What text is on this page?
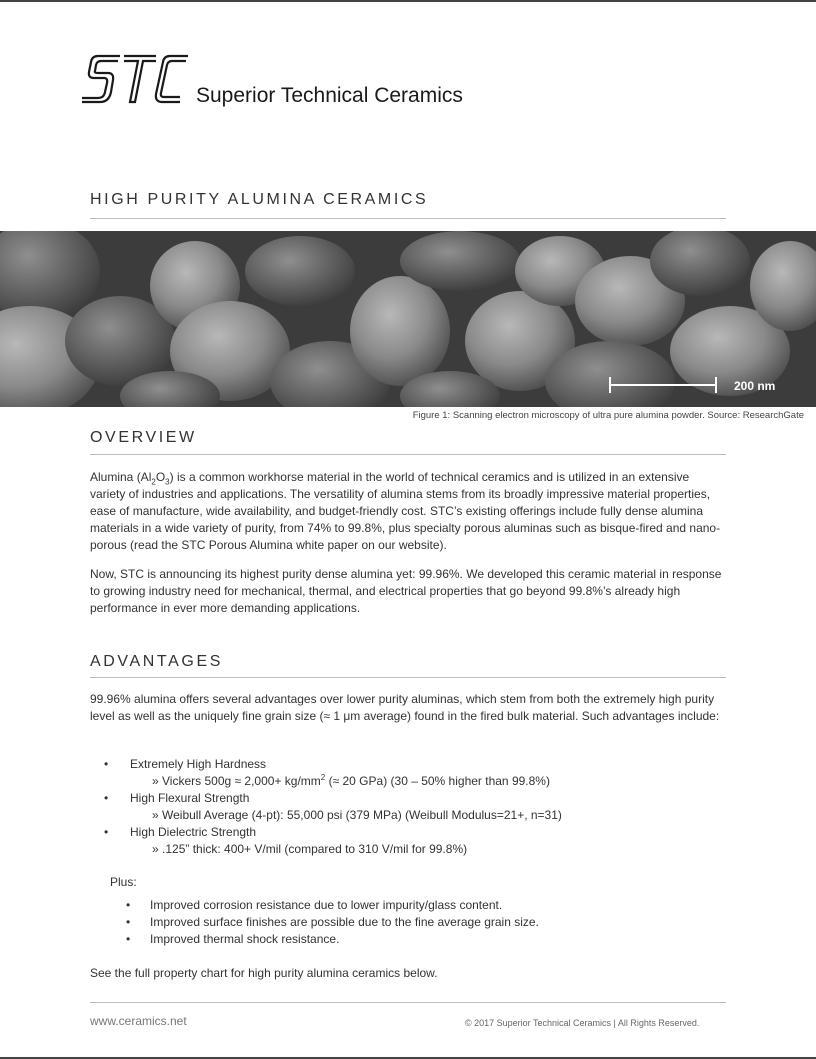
Superior Technical Ceramics
HIGH PURITY ALUMINA CERAMICS
200 nm
Figure 1: Scanning electron microscopy of ultra pure alumina powder. Source: ResearchGate
OVERVIEW

Alumina $(Al_2O_3)$ is a common workhorse material in the world of technical ceramics and is utilized in an extensive variety of industries and applications. The versatility of alumina stems from its broadly impressive material properties, ease of manufacture, wide availability, and budget-friendly cost. STC’s existing offerings include fully dense alumina materials in a wide variety of purity, from 74% to 99.8%, plus specialty porous aluminas such as bisque-fired and nano-porous (read the STC Porous Alumina white paper on our website).

Now, STC is announcing its highest purity dense alumina yet: 99.96%. We developed this ceramic material in response to growing industry need for mechanical, thermal, and electrical properties that go beyond 99.8%’s already high performance in ever more demanding applications.

ADVANTAGES

99.96% alumina offers several advantages over lower purity aluminas, which stem from both the extremely high purity level as well as the uniquely fine grain size (≈ 1 μm average) found in the fired bulk material. Such advantages include:

• Extremely High Hardness
» Vickers $500g \approx 2,000+ kg/mm^2$ (≈ 20 GPa) (30 – 50% higher than 99.8%)
• High Flexural Strength
» Weibull Average (4-pt): 55,000 psi (379 MPa) (Weibull Modulus=21+, n=31)
• High Dielectric Strength
» .125” thick: 400+ V/mil (compared to 310 V/mil for 99.8%)
Plus:
• Improved corrosion resistance due to lower impurity/glass content.
• Improved surface finishes are possible due to the fine average grain size.
• Improved thermal shock resistance.

See the full property chart for high purity alumina ceramics below.

www.ceramics.net	© 2017 Superior Technical Ceramics | All Rights Reserved.
